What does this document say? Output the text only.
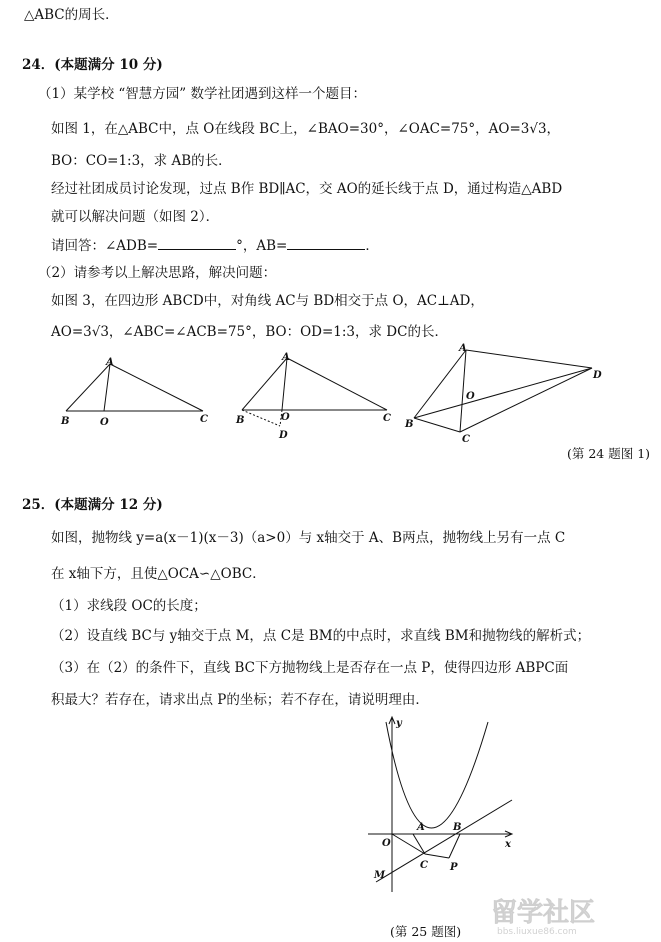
△ABC的周长．
24．(本题满分 10 分)
（1）某学校 “智慧方园” 数学社团遇到这样一个题目：
如图 1，在△ABC中，点 O在线段 BC上，∠BAO=30°，∠OAC=75°，AO=3√3，
BO：CO=1:3，求 AB的长．
经过社团成员讨论发现，过点 B作 BD∥AC，交 AO的延长线于点 D，通过构造△ABD
就可以解决问题（如图 2）．
请回答：∠ADB=	°，AB=	．
（2）请参考以上解决思路，解决问题：
如图 3，在四边形 ABCD中，对角线 AC与 BD相交于点 O，AC⊥AD，
AO=3√3，∠ABC=∠ACB=75°，BO：OD=1:3，求 DC的长．
A
B	O	C
A
B	O	C
D
A
D
O
B
C
(第 24 题图 1)
25．(本题满分 12 分)
如图，抛物线 y=a(x－1)(x－3)（a>0）与 x轴交于 A、B两点，抛物线上另有一点 C
在 x轴下方，且使△OCA∽△OBC．
（1）求线段 OC的长度；
（2）设直线 BC与 y轴交于点 M，点 C是 BM的中点时，求直线 BM和抛物线的解析式；
（3）在（2）的条件下，直线 BC下方抛物线上是否存在一点 P，使得四边形 ABPC面
积最大？若存在，请求出点 P的坐标；若不存在，请说明理由．
y
O	x
A	B
C P
M
(第 25 题图)
留学社区
bbs.liuxue86.com
